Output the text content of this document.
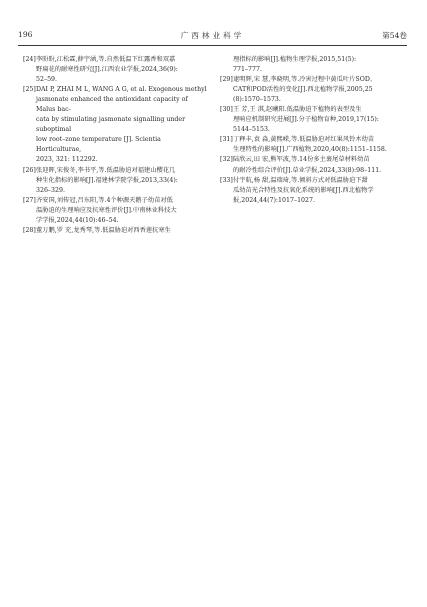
196	广西林业科学	第54卷
[24] 李盼盼,江松霖,薛宇涵,等.自然低温下红露香和双嘉
野扁花的耐寒性研究[J].江西农业学报,2024,36(9):
52–59.
[25] DAI P, ZHAI M L, WANG A G, et al. Exogenous methyl
jasmonate enhanced the antioxidant capacity of Malus bac-
cata by stimulating jasmonate signalling under suboptimal
low root–zone temperature [J]. Scientia Horticulturae,
2023, 321: 112292.
[26] 张迎晖,宋俊冬,李书平,等.低温胁迫对福建山樱花几
种生化指标的影响[J].福建林学院学报,2013,33(4):
326–329.
[27] 齐安国,刘传冠,吕东阳,等.4个种源天鹅子幼苗对低
温胁迫的生理响应及抗寒性评价[J].中南林业科技大
学学报,2024,44(10):46–54.
[28] 董万鹏,罗 充,龙秀琴,等.低温胁迫对西香莲抗寒生
理指标的影响[J].植物生理学报,2015,51(5):
771–777.
[29] 逮明辉,宋 慧,李晓明,等.冷害过程中黄瓜叶片SOD、
CAT和POD活性的变化[J].西北植物学报,2005,25
(8):1570–1573.
[30] 王 芳,王 淇,赵曦阳.低温胁迫下植物的表型及生
理响应机制研究进展[J].分子植物育种,2019,17(15):
5144–5153.
[31] 丁释丰,袁 淼,黄熙嵘,等.低温胁迫对红果风铃木幼苗
生理特性的影响[J].广西植物,2020,40(8):1151–1158.
[32] 陆欣云,田 宏,熊军波,等.14份多主裹尾草材料幼苗
的耐冷性综合评价[J].草业学报,2024,33(8):98–111.
[33] 付宇航,杨 甜,温瑞琦,等.倾斜方式对低温胁迫下甜
瓜幼苗光合特性及抗氧化系统的影响[J].西北植物学
报,2024,44(7):1017–1027.
